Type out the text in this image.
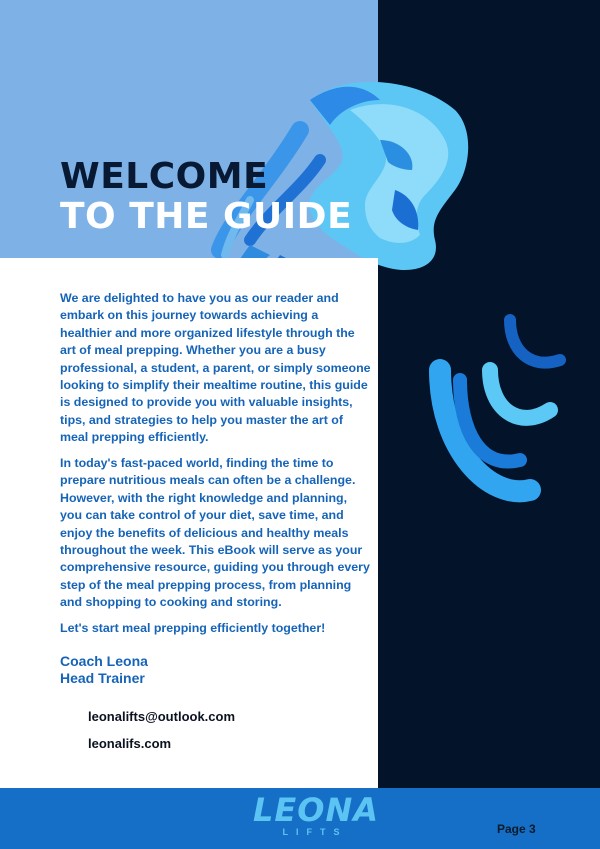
WELCOME
TO THE GUIDE

We are delighted to have you as our reader and embark on this journey towards achieving a healthier and more organized lifestyle through the art of meal prepping. Whether you are a busy professional, a student, a parent, or simply someone looking to simplify their mealtime routine, this guide is designed to provide you with valuable insights, tips, and strategies to help you master the art of meal prepping efficiently.

In today's fast-paced world, finding the time to prepare nutritious meals can often be a challenge. However, with the right knowledge and planning, you can take control of your diet, save time, and enjoy the benefits of delicious and healthy meals throughout the week. This eBook will serve as your comprehensive resource, guiding you through every step of the meal prepping process, from planning and shopping to cooking and storing.

Let's start meal prepping efficiently together!

Coach Leona

Head Trainer

leonalifts@outlook.com

leonalifs.com

LEONA
LIFTS	Page 3
